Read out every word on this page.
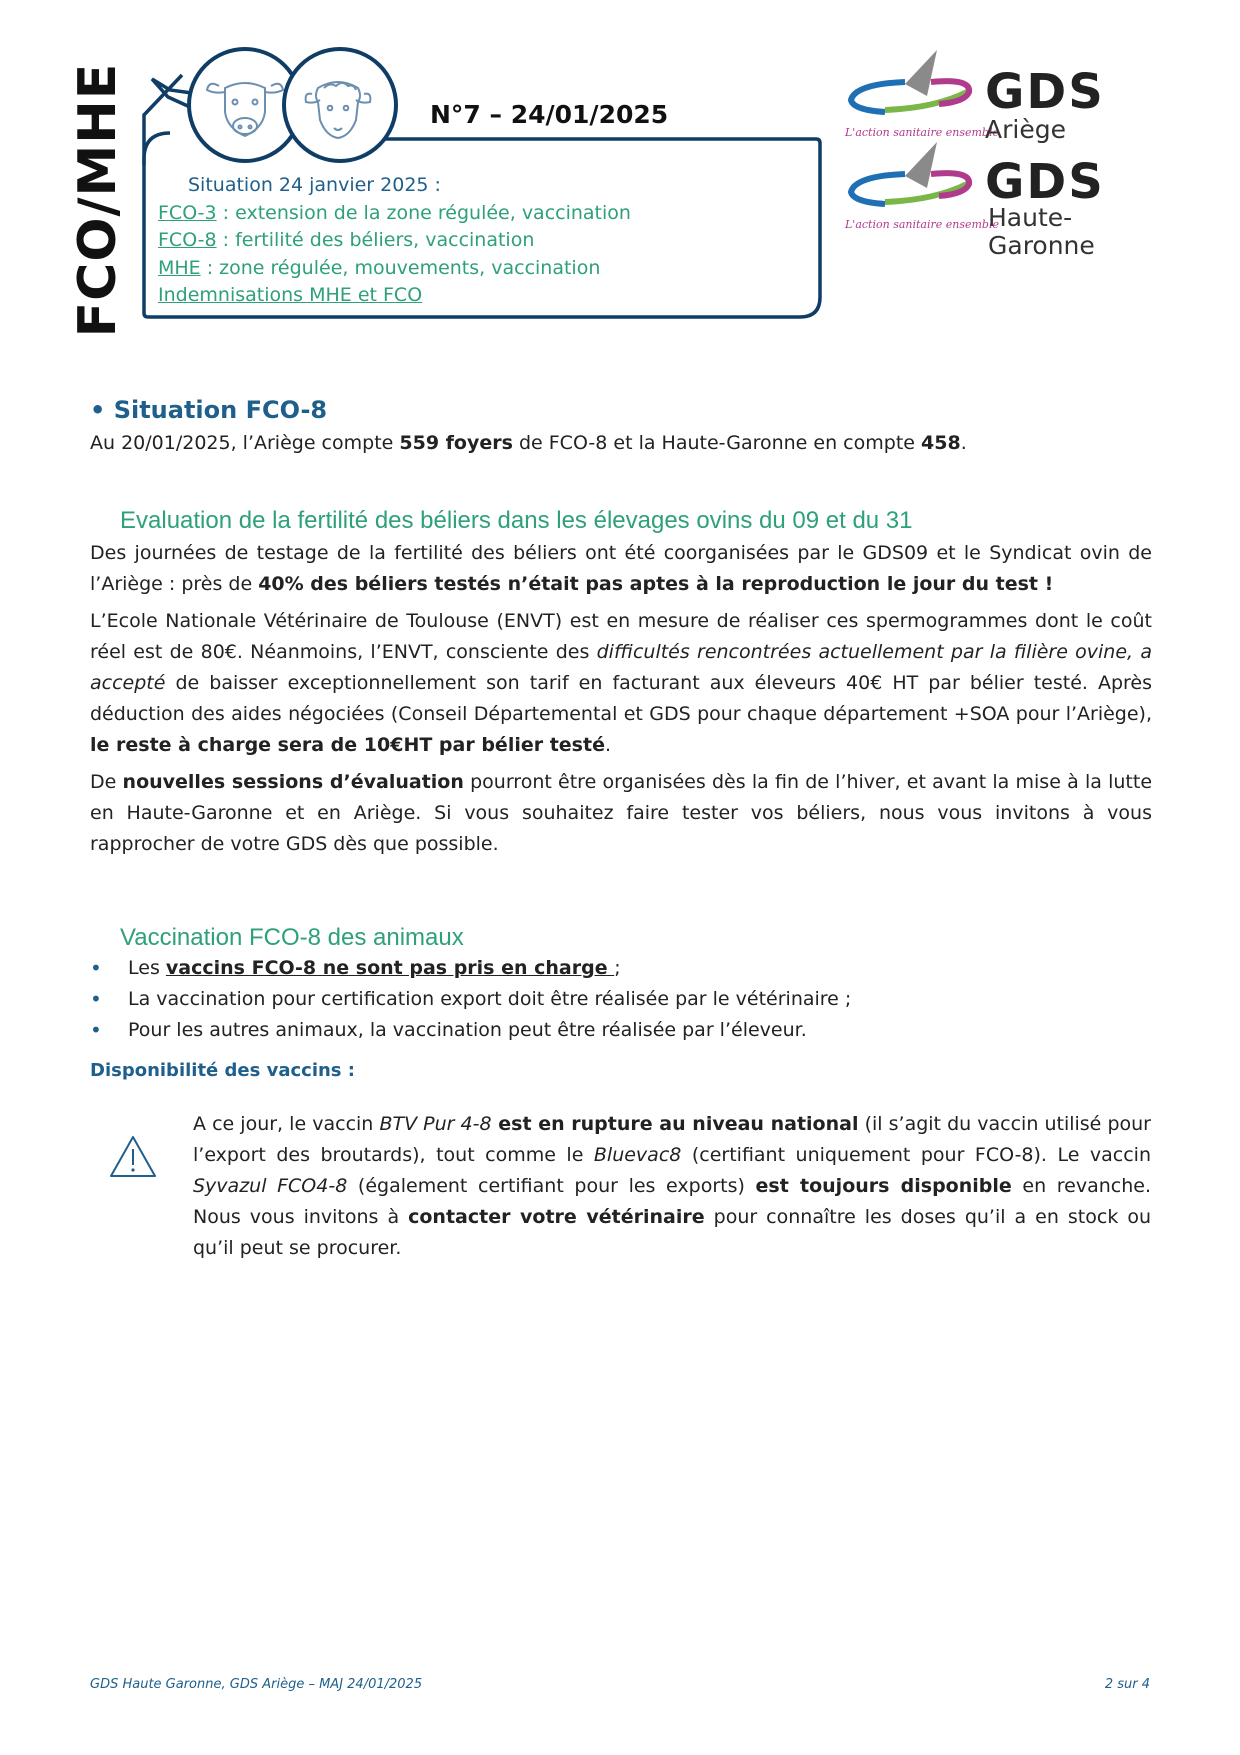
FCO/MHE	N°7 – 24/01/2025
Situation 24 janvier 2025 :
FCO-3 : extension de la zone régulée, vaccination
FCO-8 : fertilité des béliers, vaccination
MHE : zone régulée, mouvements, vaccination
Indemnisations MHE et FCO
L'action sanitaire ensemble
GDS
Ariège
L'action sanitaire ensemble
GDS
Haute-Garonne
• Situation FCO-8

Au 20/01/2025, l’Ariège compte 559 foyers de FCO-8 et la Haute-Garonne en compte 458.

Evaluation de la fertilité des béliers dans les élevages ovins du 09 et du 31

Des journées de testage de la fertilité des béliers ont été coorganisées par le GDS09 et le Syndicat ovin de l’Ariège : près de 40% des béliers testés n’était pas aptes à la reproduction le jour du test !

L’Ecole Nationale Vétérinaire de Toulouse (ENVT) est en mesure de réaliser ces spermogrammes dont le coût réel est de 80€. Néanmoins, l’ENVT, consciente des difficultés rencontrées actuellement par la filière ovine, a accepté de baisser exceptionnellement son tarif en facturant aux éleveurs 40€ HT par bélier testé. Après déduction des aides négociées (Conseil Départemental et GDS pour chaque département +SOA pour l’Ariège), le reste à charge sera de 10€HT par bélier testé.

De nouvelles sessions d’évaluation pourront être organisées dès la fin de l’hiver, et avant la mise à la lutte en Haute-Garonne et en Ariège. Si vous souhaitez faire tester vos béliers, nous vous invitons à vous rapprocher de votre GDS dès que possible.

Vaccination FCO-8 des animaux
• Les vaccins FCO-8 ne sont pas pris en charge ;
• La vaccination pour certification export doit être réalisée par le vétérinaire ;
• Pour les autres animaux, la vaccination peut être réalisée par l’éleveur.
Disponibilité des vaccins :

A ce jour, le vaccin BTV Pur 4-8 est en rupture au niveau national (il s’agit du vaccin utilisé pour l’export des broutards), tout comme le Bluevac8 (certifiant uniquement pour FCO-8). Le vaccin Syvazul FCO4-8 (également certifiant pour les exports) est toujours disponible en revanche. Nous vous invitons à contacter votre vétérinaire pour connaître les doses qu’il a en stock ou qu’il peut se procurer.

GDS Haute Garonne, GDS Ariège – MAJ 24/01/2025	2 sur 4
